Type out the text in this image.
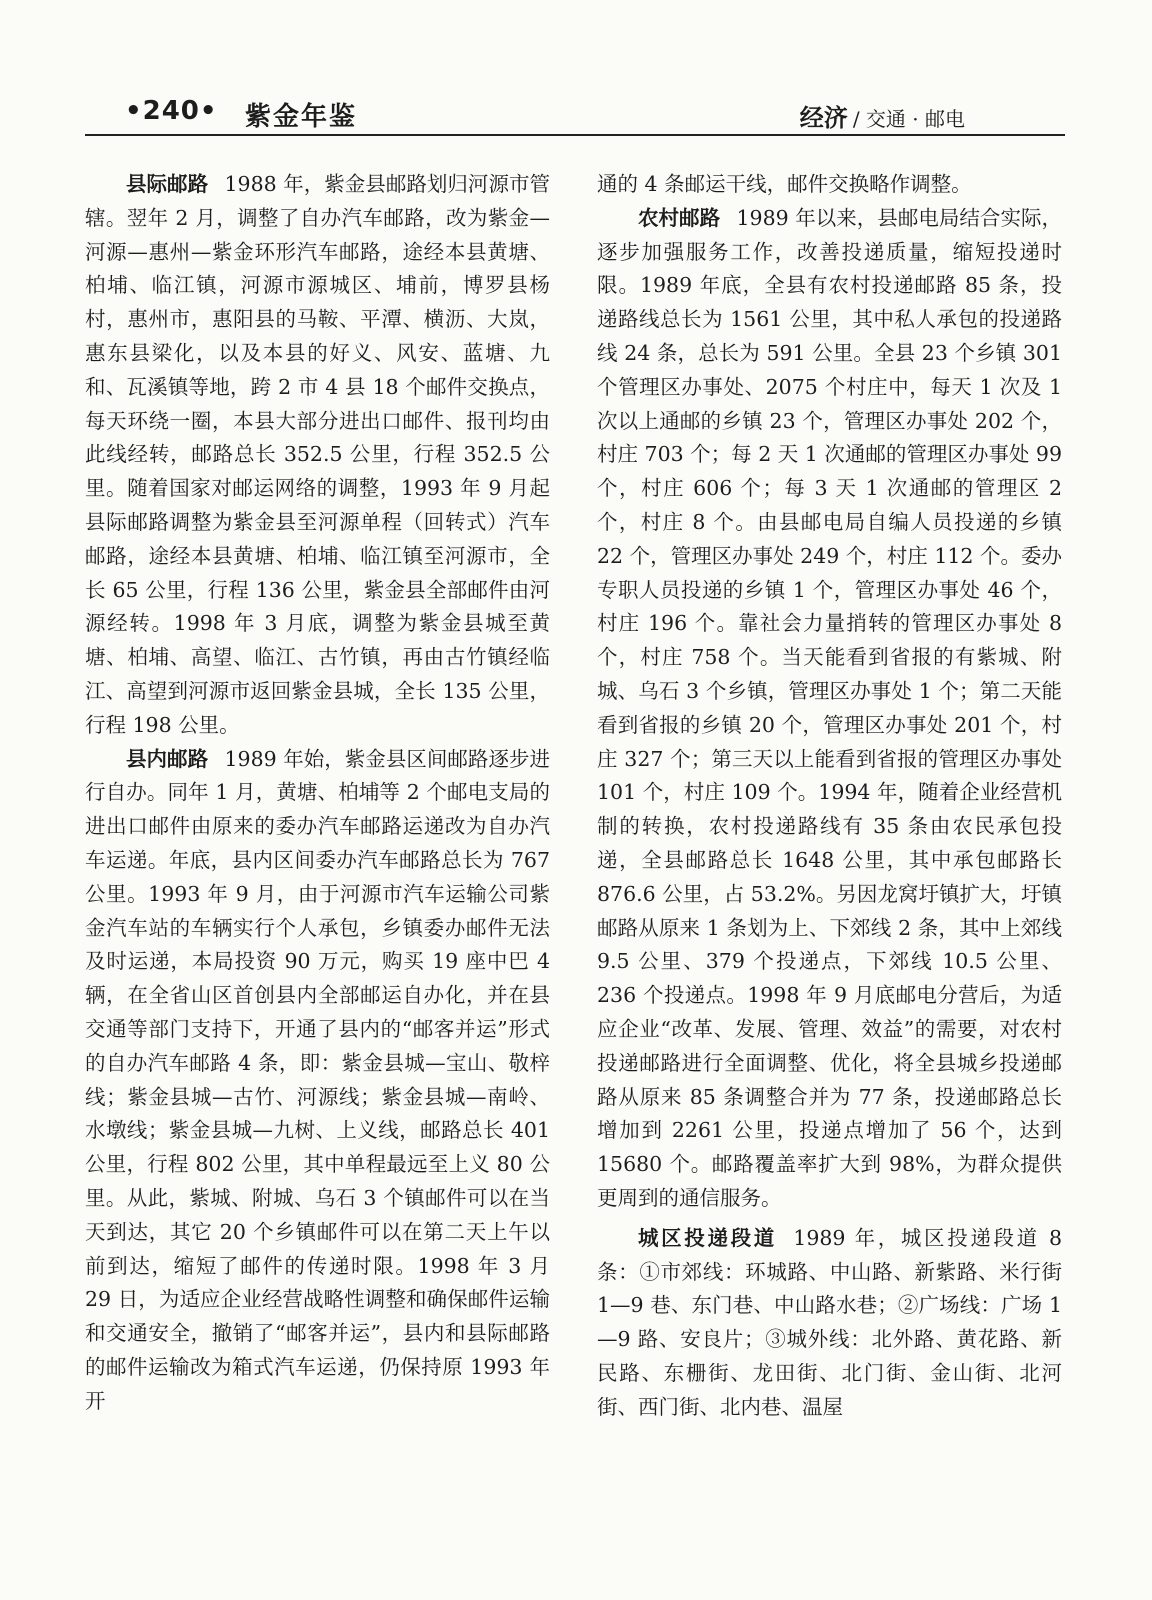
•240• 紫金年鉴	经济 / 交通 · 邮电

县际邮路 1988 年，紫金县邮路划归河源市管辖。翌年 2 月，调整了自办汽车邮路，改为紫金—河源—惠州—紫金环形汽车邮路，途经本县黄塘、柏埔、临江镇，河源市源城区、埔前，博罗县杨村，惠州市，惠阳县的马鞍、平潭、横沥、大岚，惠东县梁化，以及本县的好义、风安、蓝塘、九和、瓦溪镇等地，跨 2 市 4 县 18 个邮件交换点，每天环绕一圈，本县大部分进出口邮件、报刊均由此线经转，邮路总长 352.5 公里，行程 352.5 公里。随着国家对邮运网络的调整，1993 年 9 月起县际邮路调整为紫金县至河源单程（回转式）汽车邮路，途经本县黄塘、柏埔、临江镇至河源市，全长 65 公里，行程 136 公里，紫金县全部邮件由河源经转。1998 年 3 月底，调整为紫金县城至黄塘、柏埔、高望、临江、古竹镇，再由古竹镇经临江、高望到河源市返回紫金县城，全长 135 公里，行程 198 公里。

县内邮路 1989 年始，紫金县区间邮路逐步进行自办。同年 1 月，黄塘、柏埔等 2 个邮电支局的进出口邮件由原来的委办汽车邮路运递改为自办汽车运递。年底，县内区间委办汽车邮路总长为 767 公里。1993 年 9 月，由于河源市汽车运输公司紫金汽车站的车辆实行个人承包，乡镇委办邮件无法及时运递，本局投资 90 万元，购买 19 座中巴 4 辆，在全省山区首创县内全部邮运自办化，并在县交通等部门支持下，开通了县内的“邮客并运”形式的自办汽车邮路 4 条，即：紫金县城—宝山、敬梓线；紫金县城—古竹、河源线；紫金县城—南岭、水墩线；紫金县城—九树、上义线，邮路总长 401 公里，行程 802 公里，其中单程最远至上义 80 公里。从此，紫城、附城、乌石 3 个镇邮件可以在当天到达，其它 20 个乡镇邮件可以在第二天上午以前到达，缩短了邮件的传递时限。1998 年 3 月 29 日，为适应企业经营战略性调整和确保邮件运输和交通安全，撤销了“邮客并运”，县内和县际邮路的邮件运输改为箱式汽车运递，仍保持原 1993 年开

通的 4 条邮运干线，邮件交换略作调整。

农村邮路 1989 年以来，县邮电局结合实际，逐步加强服务工作，改善投递质量，缩短投递时限。1989 年底，全县有农村投递邮路 85 条，投递路线总长为 1561 公里，其中私人承包的投递路线 24 条，总长为 591 公里。全县 23 个乡镇 301 个管理区办事处、2075 个村庄中，每天 1 次及 1 次以上通邮的乡镇 23 个，管理区办事处 202 个，村庄 703 个；每 2 天 1 次通邮的管理区办事处 99 个，村庄 606 个；每 3 天 1 次通邮的管理区 2 个，村庄 8 个。由县邮电局自编人员投递的乡镇 22 个，管理区办事处 249 个，村庄 112 个。委办专职人员投递的乡镇 1 个，管理区办事处 46 个，村庄 196 个。靠社会力量捎转的管理区办事处 8 个，村庄 758 个。当天能看到省报的有紫城、附城、乌石 3 个乡镇，管理区办事处 1 个；第二天能看到省报的乡镇 20 个，管理区办事处 201 个，村庄 327 个；第三天以上能看到省报的管理区办事处 101 个，村庄 109 个。1994 年，随着企业经营机制的转换，农村投递路线有 35 条由农民承包投递，全县邮路总长 1648 公里，其中承包邮路长 876.6 公里，占 53.2%。另因龙窝圩镇扩大，圩镇邮路从原来 1 条划为上、下郊线 2 条，其中上郊线 9.5 公里、379 个投递点，下郊线 10.5 公里、236 个投递点。1998 年 9 月底邮电分营后，为适应企业“改革、发展、管理、效益”的需要，对农村投递邮路进行全面调整、优化，将全县城乡投递邮路从原来 85 条调整合并为 77 条，投递邮路总长增加到 2261 公里，投递点增加了 56 个，达到 15680 个。邮路覆盖率扩大到 98%，为群众提供更周到的通信服务。

城区投递段道 1989 年，城区投递段道 8 条：①市郊线：环城路、中山路、新紫路、米行街 1—9 巷、东门巷、中山路水巷；②广场线：广场 1—9 路、安良片；③城外线：北外路、黄花路、新民路、东栅街、龙田街、北门街、金山街、北河街、西门街、北内巷、温屋
